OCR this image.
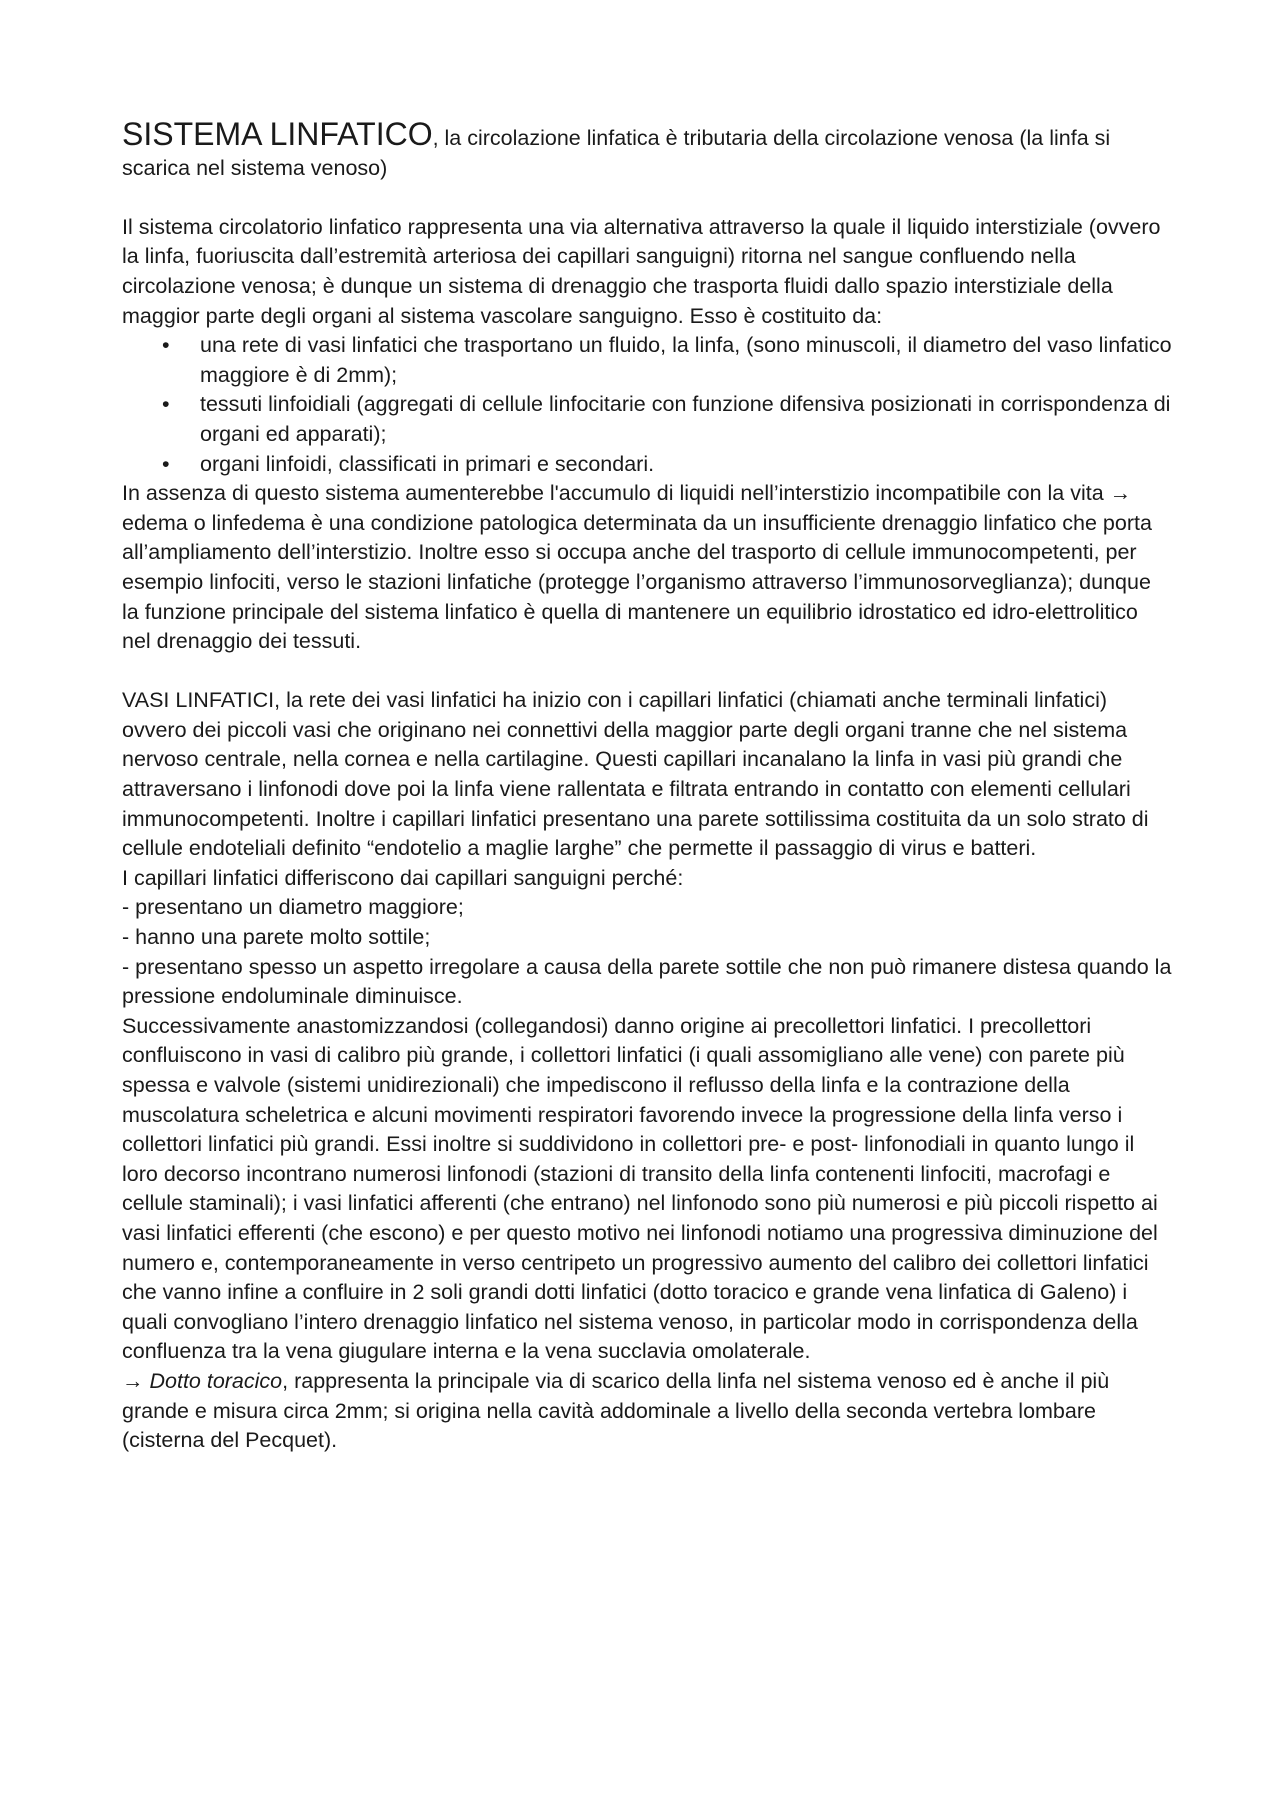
SISTEMA LINFATICO, la circolazione linfatica è tributaria della circolazione venosa (la linfa si scarica nel sistema venoso)

Il sistema circolatorio linfatico rappresenta una via alternativa attraverso la quale il liquido interstiziale (ovvero la linfa, fuoriuscita dall’estremità arteriosa dei capillari sanguigni) ritorna nel sangue confluendo nella circolazione venosa; è dunque un sistema di drenaggio che trasporta fluidi dallo spazio interstiziale della maggior parte degli organi al sistema vascolare sanguigno. Esso è costituito da:

•	una rete di vasi linfatici che trasportano un fluido, la linfa, (sono minuscoli, il diametro del vaso linfatico maggiore è di 2mm);
•	tessuti linfoidiali (aggregati di cellule linfocitarie con funzione difensiva posizionati in corrispondenza di organi ed apparati);
•	organi linfoidi, classificati in primari e secondari.

In assenza di questo sistema aumenterebbe l'accumulo di liquidi nell’interstizio incompatibile con la vita → edema o linfedema è una condizione patologica determinata da un insufficiente drenaggio linfatico che porta all’ampliamento dell’interstizio. Inoltre esso si occupa anche del trasporto di cellule immunocompetenti, per esempio linfociti, verso le stazioni linfatiche (protegge l’organismo attraverso l’immunosorveglianza); dunque la funzione principale del sistema linfatico è quella di mantenere un equilibrio idrostatico ed idro-elettrolitico nel drenaggio dei tessuti.

VASI LINFATICI, la rete dei vasi linfatici ha inizio con i capillari linfatici (chiamati anche terminali linfatici) ovvero dei piccoli vasi che originano nei connettivi della maggior parte degli organi tranne che nel sistema nervoso centrale, nella cornea e nella cartilagine. Questi capillari incanalano la linfa in vasi più grandi che attraversano i linfonodi dove poi la linfa viene rallentata e filtrata entrando in contatto con elementi cellulari immunocompetenti. Inoltre i capillari linfatici presentano una parete sottilissima costituita da un solo strato di cellule endoteliali definito “endotelio a maglie larghe” che permette il passaggio di virus e batteri.

I capillari linfatici differiscono dai capillari sanguigni perché:

- presentano un diametro maggiore;

- hanno una parete molto sottile;

- presentano spesso un aspetto irregolare a causa della parete sottile che non può rimanere distesa quando la pressione endoluminale diminuisce.

Successivamente anastomizzandosi (collegandosi) danno origine ai precollettori linfatici. I precollettori confluiscono in vasi di calibro più grande, i collettori linfatici (i quali assomigliano alle vene) con parete più spessa e valvole (sistemi unidirezionali) che impediscono il reflusso della linfa e la contrazione della muscolatura scheletrica e alcuni movimenti respiratori favorendo invece la progressione della linfa verso i collettori linfatici più grandi. Essi inoltre si suddividono in collettori pre- e post- linfonodiali in quanto lungo il loro decorso incontrano numerosi linfonodi (stazioni di transito della linfa contenenti linfociti, macrofagi e cellule staminali); i vasi linfatici afferenti (che entrano) nel linfonodo sono più numerosi e più piccoli rispetto ai vasi linfatici efferenti (che escono) e per questo motivo nei linfonodi notiamo una progressiva diminuzione del numero e, contemporaneamente in verso centripeto un progressivo aumento del calibro dei collettori linfatici che vanno infine a confluire in 2 soli grandi dotti linfatici (dotto toracico e grande vena linfatica di Galeno) i quali convogliano l’intero drenaggio linfatico nel sistema venoso, in particolar modo in corrispondenza della confluenza tra la vena giugulare interna e la vena succlavia omolaterale.

→ Dotto toracico, rappresenta la principale via di scarico della linfa nel sistema venoso ed è anche il più grande e misura circa 2mm; si origina nella cavità addominale a livello della seconda vertebra lombare (cisterna del Pecquet).
